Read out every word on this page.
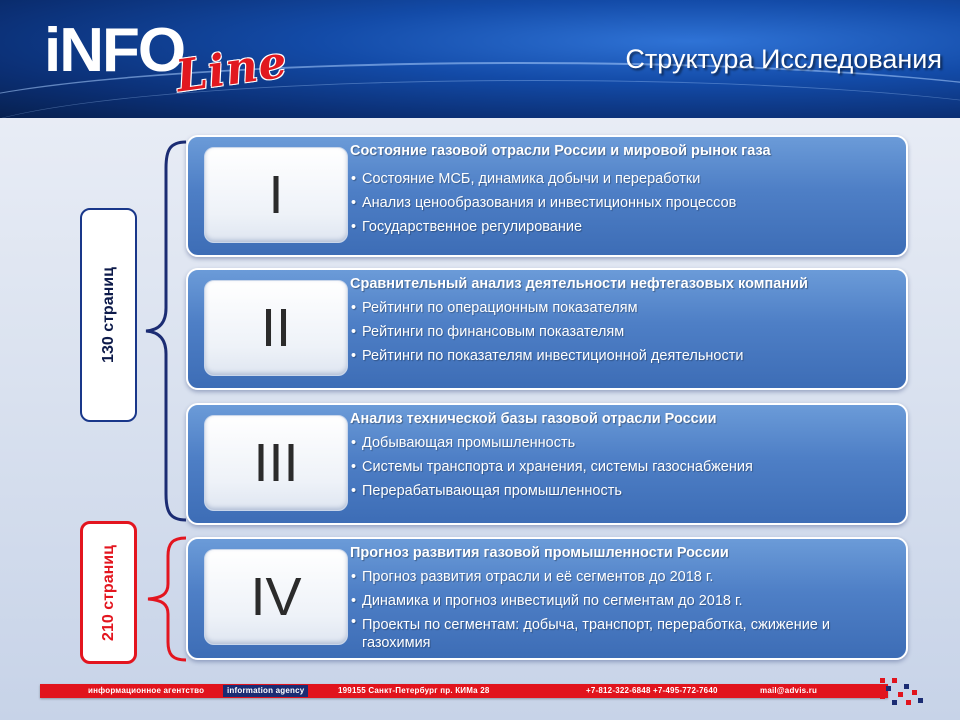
iNFO
Line	Структура Исследования
130 страниц
210 страниц
I
Состояние газовой отрасли России и мировой рынок газа
• Состояние МСБ, динамика добычи и переработки
• Анализ ценообразования и инвестиционных процессов
• Государственное регулирование
II
Сравнительный анализ деятельности нефтегазовых компаний
• Рейтинги по операционным показателям
• Рейтинги по финансовым показателям
• Рейтинги по показателям инвестиционной деятельности
III
Анализ технической базы газовой отрасли России
• Добывающая промышленность
• Системы транспорта и хранения, системы газоснабжения
• Перерабатывающая промышленность
IV
Прогноз развития газовой промышленности России
• Прогноз развития отрасли и её сегментов до 2018 г.
• Динамика и прогноз инвестиций по сегментам до 2018 г.
• Проекты по сегментам: добыча, транспорт, переработка, сжижение и газохимия
информационное агентство	information agency	199155 Санкт-Петербург пр. КИМа 28	+7-812-322-6848 +7-495-772-7640	mail@advis.ru
